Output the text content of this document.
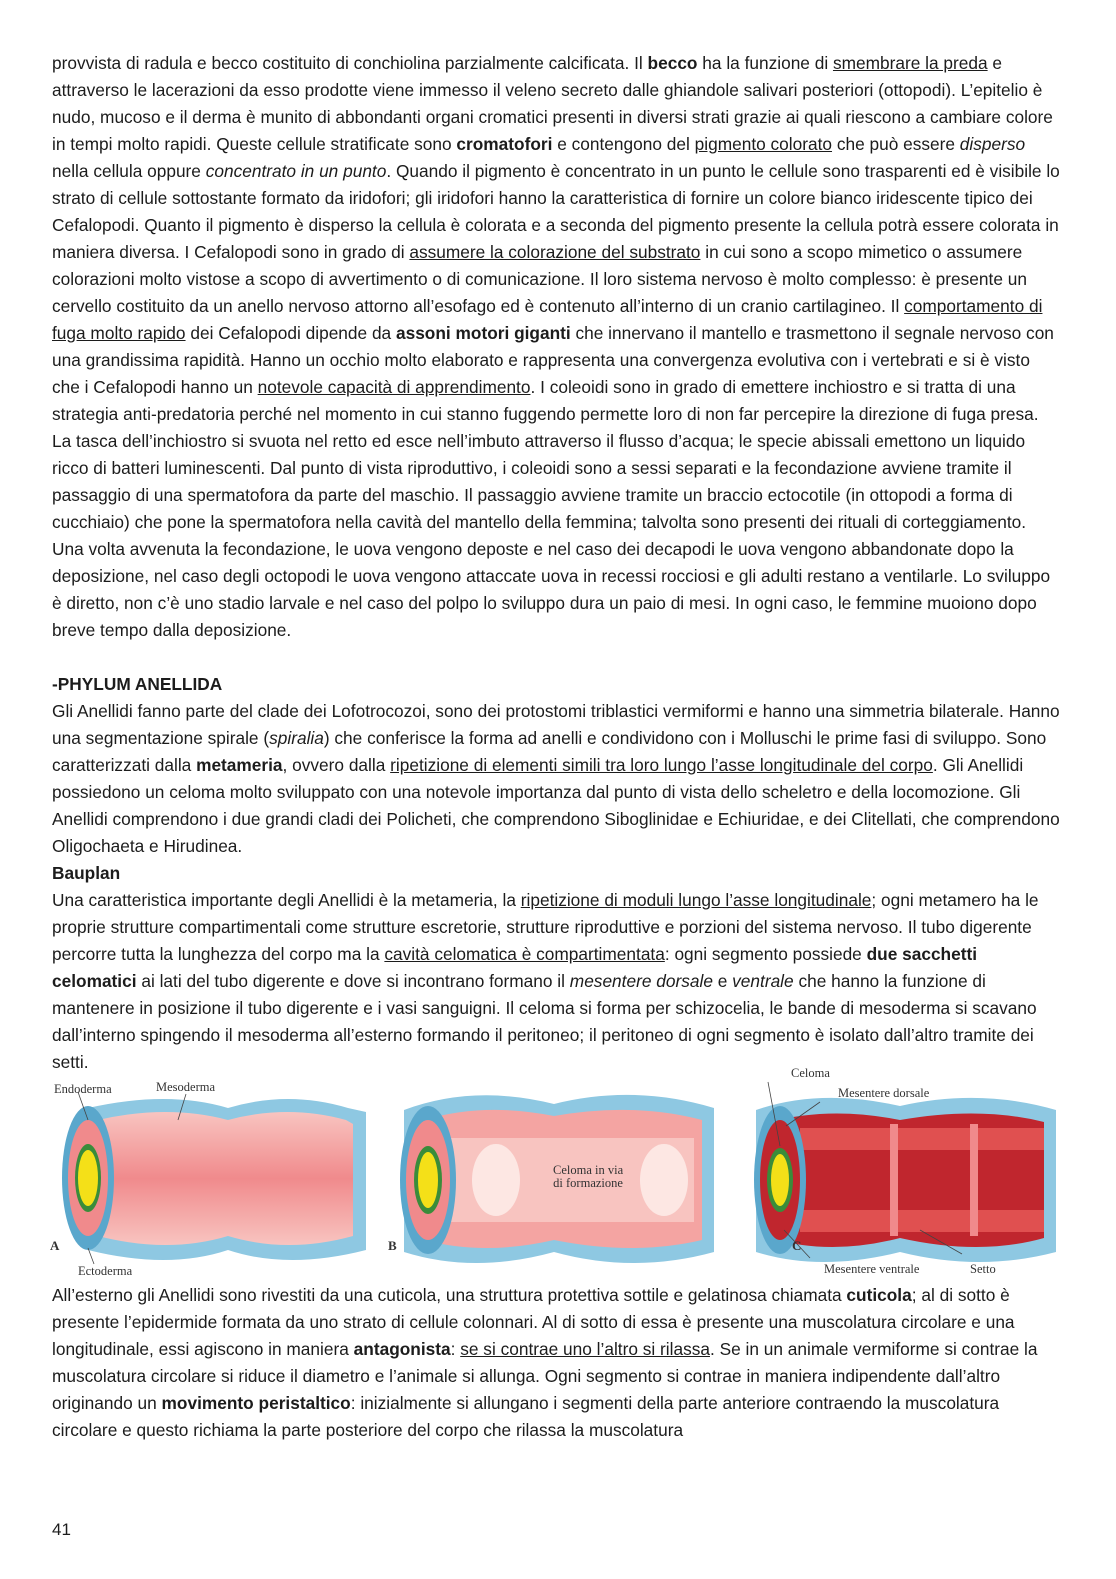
provvista di radula e becco costituito di conchiolina parzialmente calcificata. Il becco ha la funzione di smembrare la preda e attraverso le lacerazioni da esso prodotte viene immesso il veleno secreto dalle ghiandole salivari posteriori (ottopodi). L’epitelio è nudo, mucoso e il derma è munito di abbondanti organi cromatici presenti in diversi strati grazie ai quali riescono a cambiare colore in tempi molto rapidi. Queste cellule stratificate sono cromatofori e contengono del pigmento colorato che può essere disperso nella cellula oppure concentrato in un punto. Quando il pigmento è concentrato in un punto le cellule sono trasparenti ed è visibile lo strato di cellule sottostante formato da iridofori; gli iridofori hanno la caratteristica di fornire un colore bianco iridescente tipico dei Cefalopodi. Quanto il pigmento è disperso la cellula è colorata e a seconda del pigmento presente la cellula potrà essere colorata in maniera diversa. I Cefalopodi sono in grado di assumere la colorazione del substrato in cui sono a scopo mimetico o assumere colorazioni molto vistose a scopo di avvertimento o di comunicazione. Il loro sistema nervoso è molto complesso: è presente un cervello costituito da un anello nervoso attorno all’esofago ed è contenuto all’interno di un cranio cartilagineo. Il comportamento di fuga molto rapido dei Cefalopodi dipende da assoni motori giganti che innervano il mantello e trasmettono il segnale nervoso con una grandissima rapidità. Hanno un occhio molto elaborato e rappresenta una convergenza evolutiva con i vertebrati e si è visto che i Cefalopodi hanno un notevole capacità di apprendimento. I coleoidi sono in grado di emettere inchiostro e si tratta di una strategia anti-predatoria perché nel momento in cui stanno fuggendo permette loro di non far percepire la direzione di fuga presa. La tasca dell’inchiostro si svuota nel retto ed esce nell’imbuto attraverso il flusso d’acqua; le specie abissali emettono un liquido ricco di batteri luminescenti. Dal punto di vista riproduttivo, i coleoidi sono a sessi separati e la fecondazione avviene tramite il passaggio di una spermatofora da parte del maschio. Il passaggio avviene tramite un braccio ectocotile (in ottopodi a forma di cucchiaio) che pone la spermatofora nella cavità del mantello della femmina; talvolta sono presenti dei rituali di corteggiamento. Una volta avvenuta la fecondazione, le uova vengono deposte e nel caso dei decapodi le uova vengono abbandonate dopo la deposizione, nel caso degli octopodi le uova vengono attaccate uova in recessi rocciosi e gli adulti restano a ventilarle. Lo sviluppo è diretto, non c’è uno stadio larvale e nel caso del polpo lo sviluppo dura un paio di mesi. In ogni caso, le femmine muoiono dopo breve tempo dalla deposizione.

-PHYLUM ANELLIDA

Gli Anellidi fanno parte del clade dei Lofotrocozoi, sono dei protostomi triblastici vermiformi e hanno una simmetria bilaterale. Hanno una segmentazione spirale (spiralia) che conferisce la forma ad anelli e condividono con i Molluschi le prime fasi di sviluppo. Sono caratterizzati dalla metameria, ovvero dalla ripetizione di elementi simili tra loro lungo l’asse longitudinale del corpo. Gli Anellidi possiedono un celoma molto sviluppato con una notevole importanza dal punto di vista dello scheletro e della locomozione. Gli Anellidi comprendono i due grandi cladi dei Policheti, che comprendono Siboglinidae e Echiuridae, e dei Clitellati, che comprendono Oligochaeta e Hirudinea.

Bauplan

Una caratteristica importante degli Anellidi è la metameria, la ripetizione di moduli lungo l’asse longitudinale; ogni metamero ha le proprie strutture compartimentali come strutture escretorie, strutture riproduttive e porzioni del sistema nervoso. Il tubo digerente percorre tutta la lunghezza del corpo ma la cavità celomatica è compartimentata: ogni segmento possiede due sacchetti celomatici ai lati del tubo digerente e dove si incontrano formano il mesentere dorsale e ventrale che hanno la funzione di mantenere in posizione il tubo digerente e i vasi sanguigni. Il celoma si forma per schizocelia, le bande di mesoderma si scavano dall’interno spingendo il mesoderma all’esterno formando il peritoneo; il peritoneo di ogni segmento è isolato dall’altro tramite dei setti.

Endoderma	Mesoderma
Ectoderma
A
Celoma in via
di formazione
B
Celoma
Mesentere dorsale
Mesentere ventrale	Setto
C

All’esterno gli Anellidi sono rivestiti da una cuticola, una struttura protettiva sottile e gelatinosa chiamata cuticola; al di sotto è presente l’epidermide formata da uno strato di cellule colonnari. Al di sotto di essa è presente una muscolatura circolare e una longitudinale, essi agiscono in maniera antagonista: se si contrae uno l’altro si rilassa. Se in un animale vermiforme si contrae la muscolatura circolare si riduce il diametro e l’animale si allunga. Ogni segmento si contrae in maniera indipendente dall’altro originando un movimento peristaltico: inizialmente si allungano i segmenti della parte anteriore contraendo la muscolatura circolare e questo richiama la parte posteriore del corpo che rilassa la muscolatura

41
